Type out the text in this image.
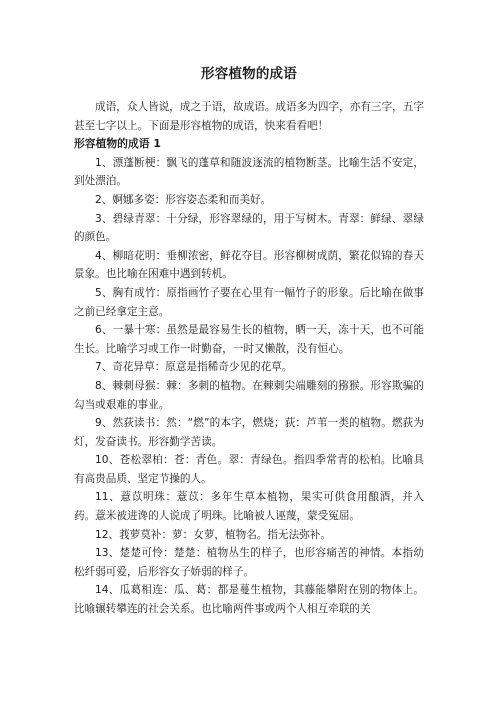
形容植物的成语

成语，众人皆说，成之于语，故成语。成语多为四字，亦有三字，五字甚至七字以上。下面是形容植物的成语，快来看看吧！

形容植物的成语 1

1、漂蓬断梗：飘飞的蓬草和随波逐流的植物断茎。比喻生活不安定，到处漂泊。

2、婀娜多姿：形容姿态柔和而美好。

3、碧绿青翠：十分绿，形容翠绿的，用于写树木。青翠：鲜绿、翠绿的颜色。

4、柳暗花明：垂柳浓密，鲜花夺目。形容柳树成荫，繁花似锦的春天景象。也比喻在困难中遇到转机。

5、胸有成竹：原指画竹子要在心里有一幅竹子的形象。后比喻在做事之前已经拿定主意。

6、一暴十寒：虽然是最容易生长的植物，晒一天，冻十天，也不可能生长。比喻学习或工作一时勤奋，一时又懒散，没有恒心。

7、奇花异草：原意是指稀奇少见的花草。

8、棘刺母猴：棘：多刺的植物。在棘刺尖端雕刻的猕猴。形容欺骗的勾当或艰难的事业。

9、然荻读书：然：“燃”的本字，燃烧；荻：芦苇一类的植物。燃荻为灯，发奋读书。形容勤学苦读。

10、苍松翠柏：苍：青色。翠：青绿色。指四季常青的松柏。比喻具有高贵品质、坚定节操的人。

11、薏苡明珠：薏苡：多年生草本植物，果实可供食用酿酒，并入药。薏米被进谗的人说成了明珠。比喻被人诬蔑，蒙受冤屈。

12、莪萝莫补：萝：女萝，植物名。指无法弥补。

13、楚楚可怜：楚楚：植物丛生的样子，也形容痛苦的神情。本指幼松纤弱可爱，后形容女子娇弱的样子。

14、瓜葛相连：瓜、葛：都是蔓生植物，其藤能攀附在别的物体上。比喻辗转攀连的社会关系。也比喻两件事或两个人相互牵联的关
